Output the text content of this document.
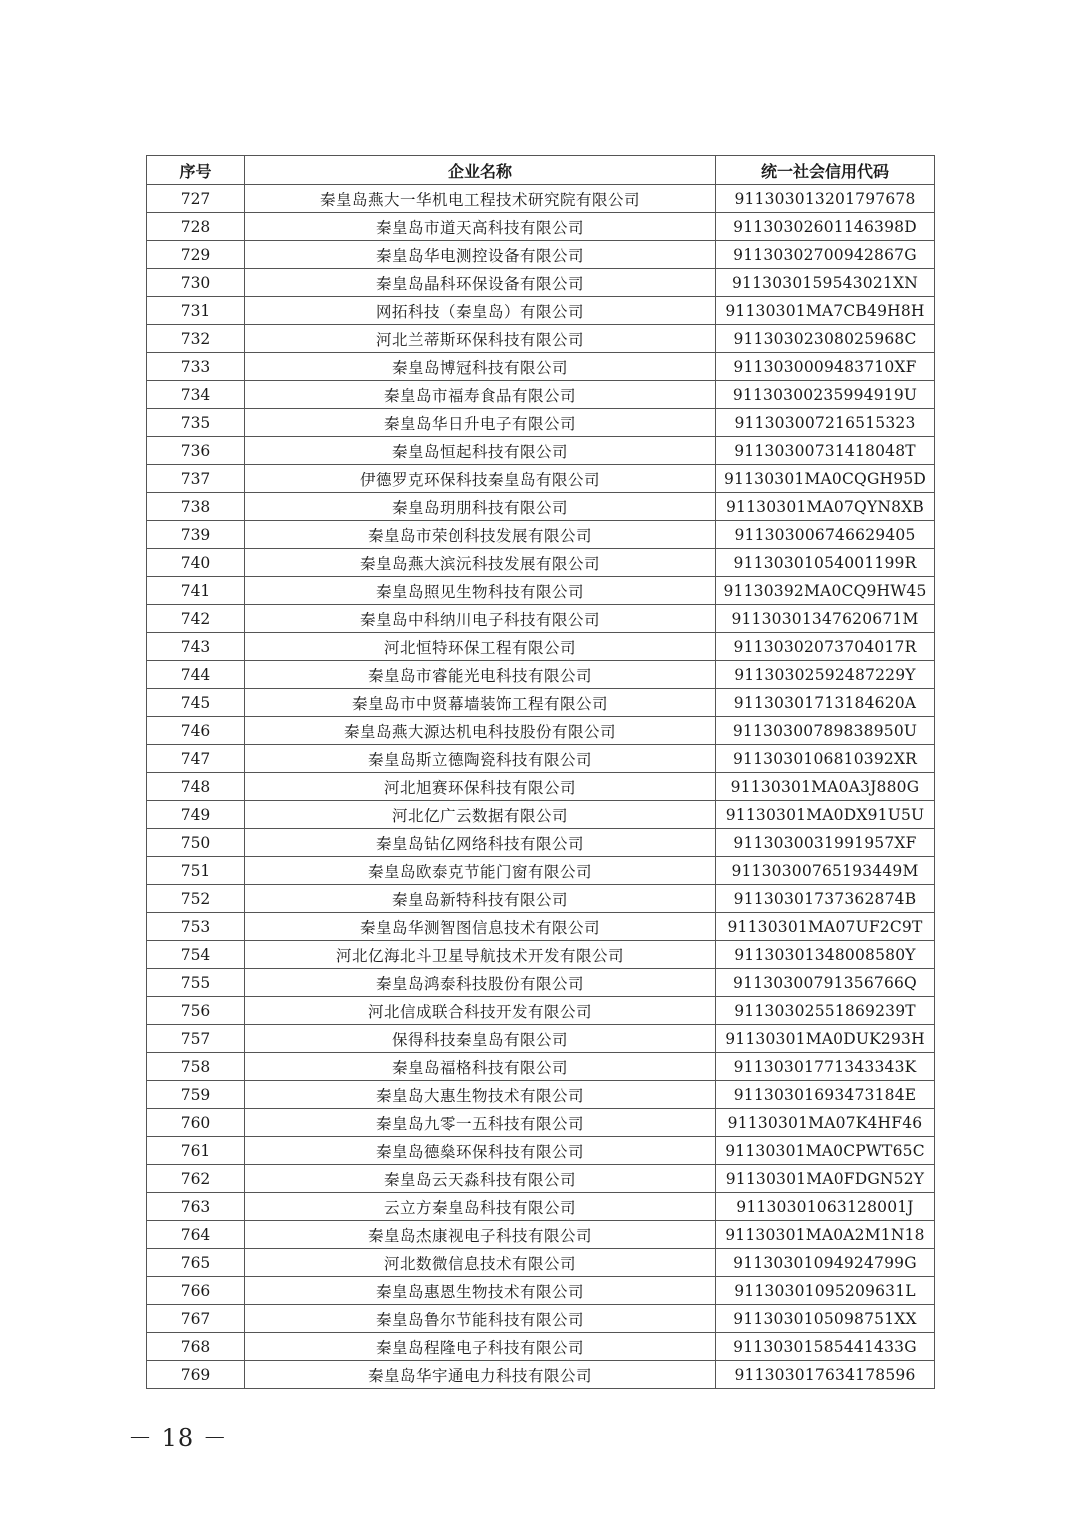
序号	企业名称	统一社会信用代码
727	秦皇岛燕大一华机电工程技术研究院有限公司	911303013201797678
728	秦皇岛市道天高科技有限公司	91130302601146398D
729	秦皇岛华电测控设备有限公司	91130302700942867G
730	秦皇岛晶科环保设备有限公司	9113030159543021XN
731	网拓科技（秦皇岛）有限公司	91130301MA7CB49H8H
732	河北兰蒂斯环保科技有限公司	91130302308025968C
733	秦皇岛博冠科技有限公司	9113030009483710XF
734	秦皇岛市福寿食品有限公司	91130300235994919U
735	秦皇岛华日升电子有限公司	911303007216515323
736	秦皇岛恒起科技有限公司	91130300731418048T
737	伊德罗克环保科技秦皇岛有限公司	91130301MA0CQGH95D
738	秦皇岛玥朋科技有限公司	91130301MA07QYN8XB
739	秦皇岛市荣创科技发展有限公司	911303006746629405
740	秦皇岛燕大滨沅科技发展有限公司	91130301054001199R
741	秦皇岛照见生物科技有限公司	91130392MA0CQ9HW45
742	秦皇岛中科纳川电子科技有限公司	91130301347620671M
743	河北恒特环保工程有限公司	91130302073704017R
744	秦皇岛市睿能光电科技有限公司	91130302592487229Y
745	秦皇岛市中贤幕墙装饰工程有限公司	91130301713184620A
746	秦皇岛燕大源达机电科技股份有限公司	91130300789838950U
747	秦皇岛斯立德陶瓷科技有限公司	9113030106810392XR
748	河北旭赛环保科技有限公司	91130301MA0A3J880G
749	河北亿广云数据有限公司	91130301MA0DX91U5U
750	秦皇岛钻亿网络科技有限公司	9113030031991957XF
751	秦皇岛欧泰克节能门窗有限公司	91130300765193449M
752	秦皇岛新特科技有限公司	91130301737362874B
753	秦皇岛华测智图信息技术有限公司	91130301MA07UF2C9T
754	河北亿海北斗卫星导航技术开发有限公司	91130301348008580Y
755	秦皇岛鸿泰科技股份有限公司	91130300791356766Q
756	河北信成联合科技开发有限公司	91130302551869239T
757	保得科技秦皇岛有限公司	91130301MA0DUK293H
758	秦皇岛福格科技有限公司	91130301771343343K
759	秦皇岛大惠生物技术有限公司	91130301693473184E
760	秦皇岛九零一五科技有限公司	91130301MA07K4HF46
761	秦皇岛德燊环保科技有限公司	91130301MA0CPWT65C
762	秦皇岛云天淼科技有限公司	91130301MA0FDGN52Y
763	云立方秦皇岛科技有限公司	91130301063128001J
764	秦皇岛杰康视电子科技有限公司	91130301MA0A2M1N18
765	河北数微信息技术有限公司	91130301094924799G
766	秦皇岛惠恩生物技术有限公司	91130301095209631L
767	秦皇岛鲁尔节能科技有限公司	9113030105098751XX
768	秦皇岛程隆电子科技有限公司	91130301585441433G
769	秦皇岛华宇通电力科技有限公司	911303017634178596
－ 18 －
